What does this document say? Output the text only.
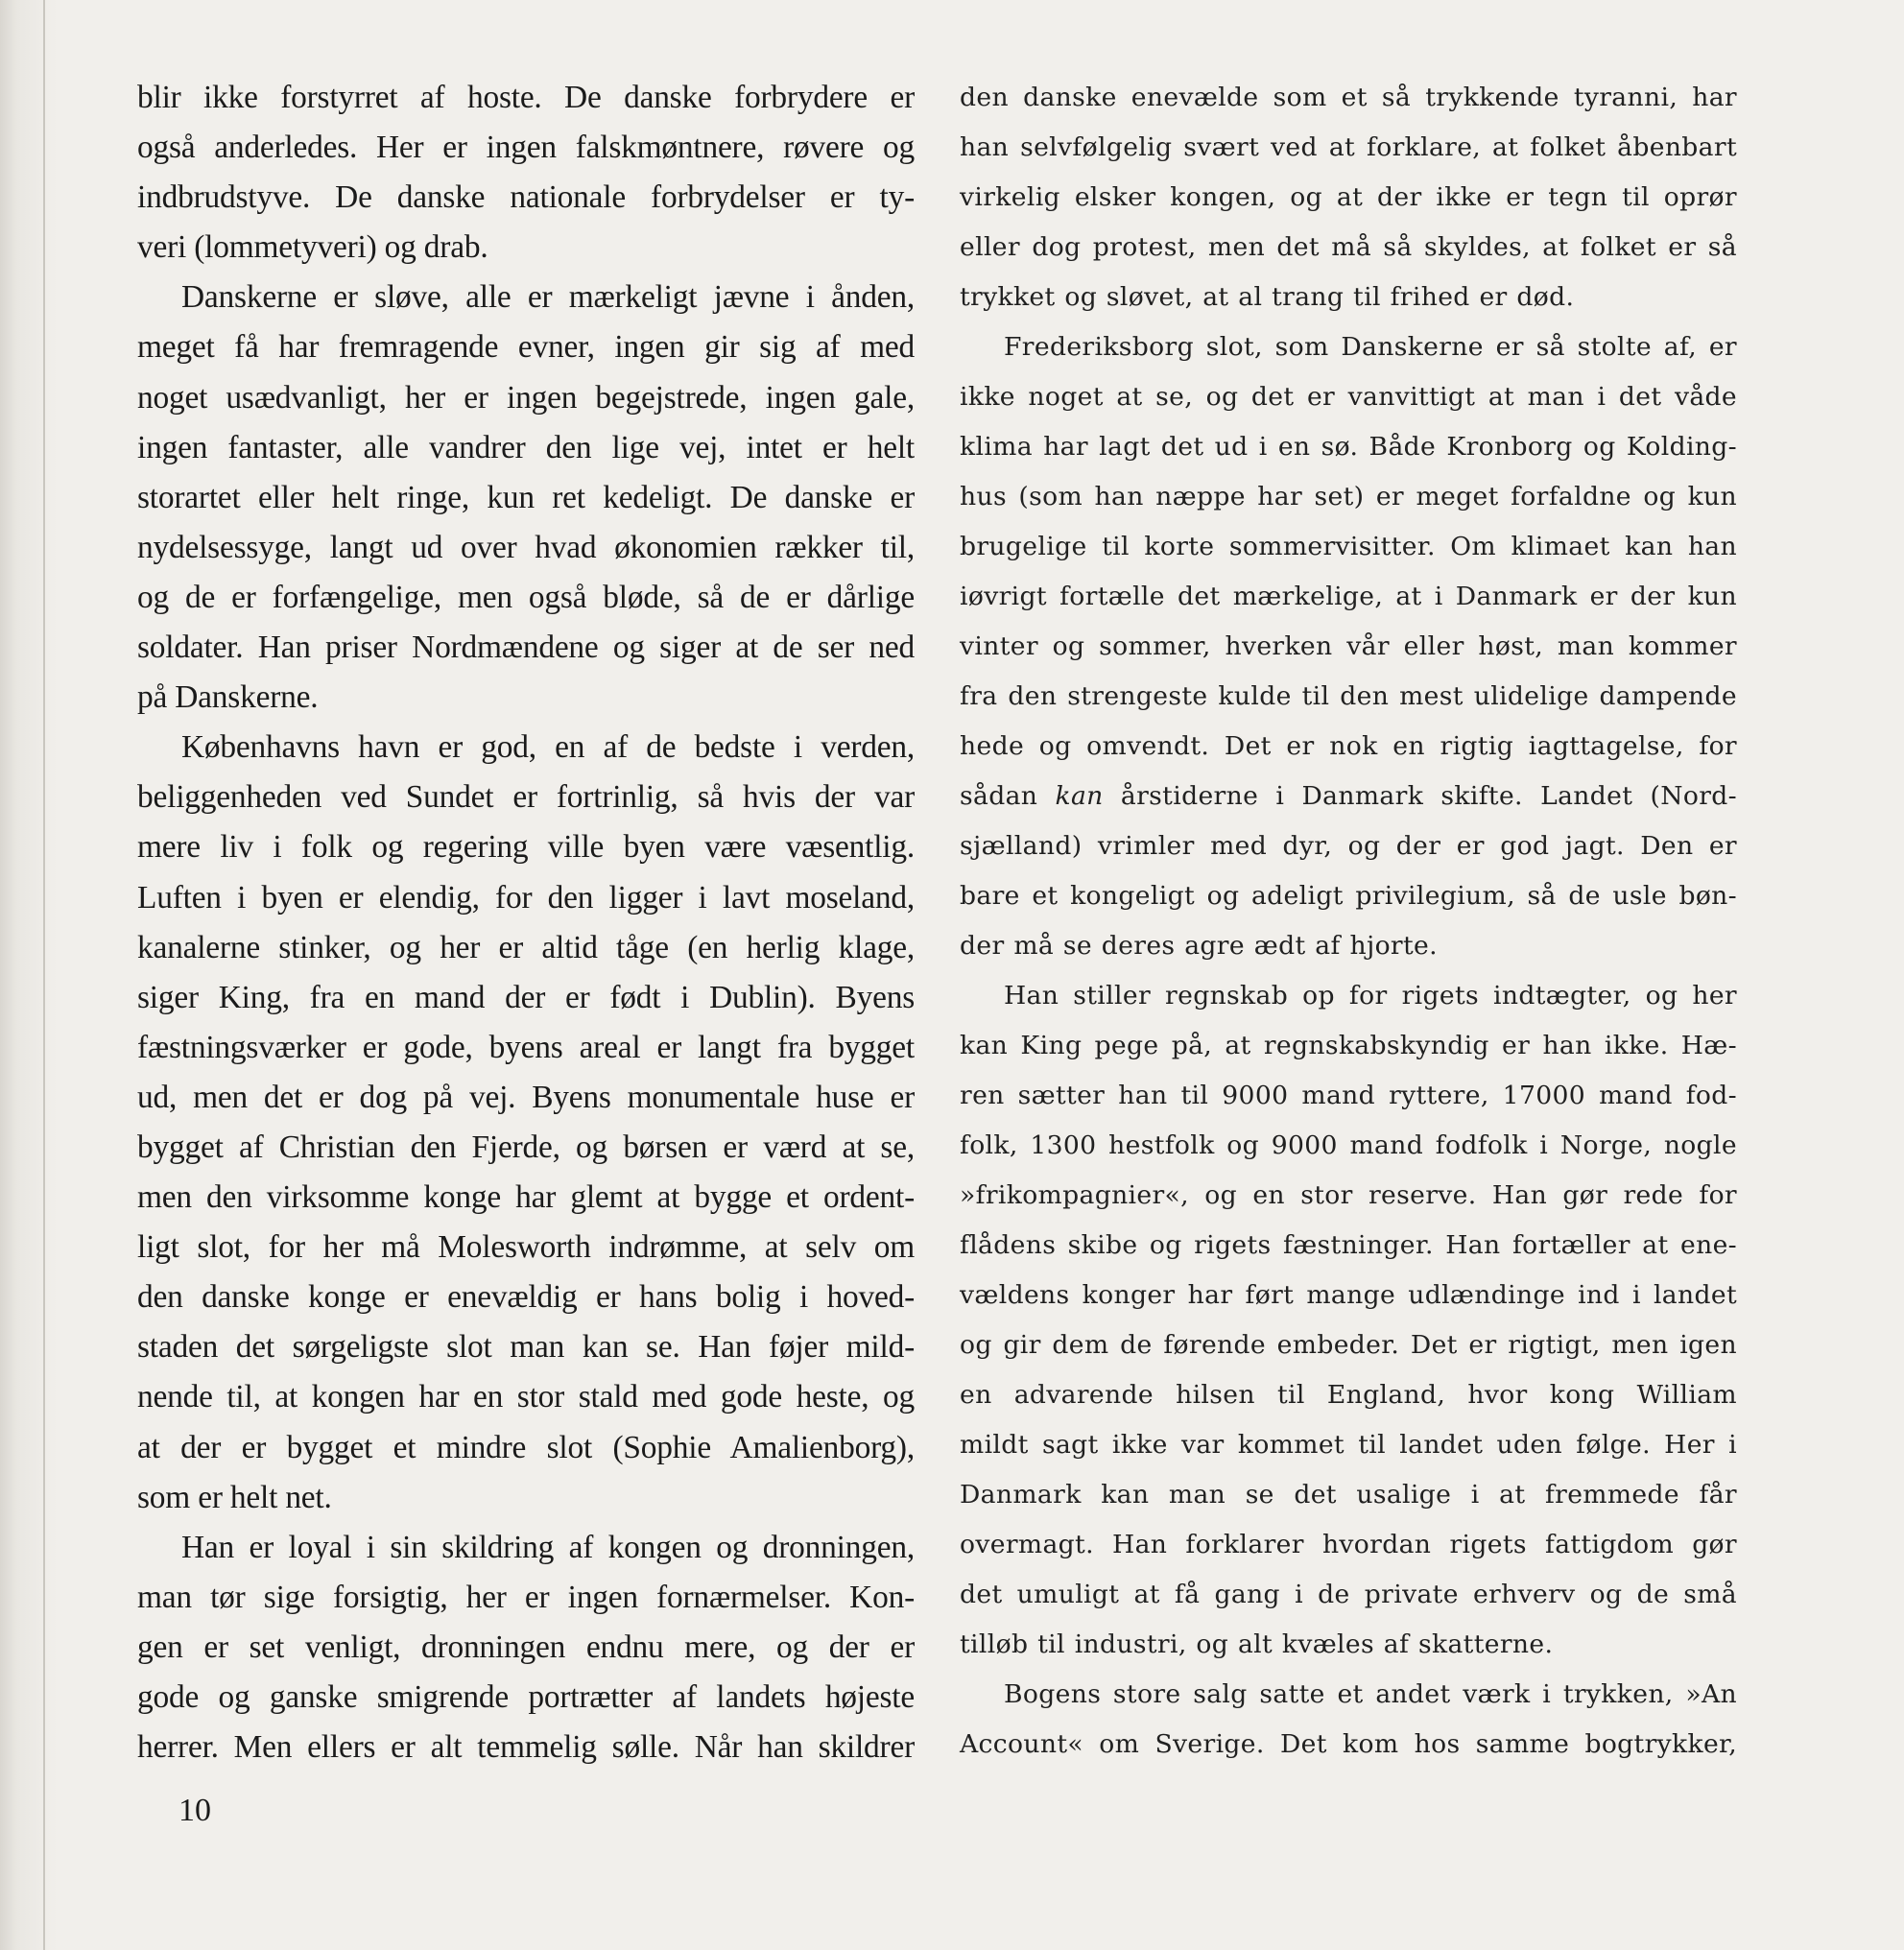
blir ikke forstyrret af hoste. De danske forbrydere er
også anderledes. Her er ingen falskmøntnere, røvere og
indbrudstyve. De danske nationale forbrydelser er ty-
veri (lommetyveri) og drab.
Danskerne er sløve, alle er mærkeligt jævne i ånden,
meget få har fremragende evner, ingen gir sig af med
noget usædvanligt, her er ingen begejstrede, ingen gale,
ingen fantaster, alle vandrer den lige vej, intet er helt
storartet eller helt ringe, kun ret kedeligt. De danske er
nydelsessyge, langt ud over hvad økonomien rækker til,
og de er forfængelige, men også bløde, så de er dårlige
soldater. Han priser Nordmændene og siger at de ser ned
på Danskerne.
Københavns havn er god, en af de bedste i verden,
beliggenheden ved Sundet er fortrinlig, så hvis der var
mere liv i folk og regering ville byen være væsentlig.
Luften i byen er elendig, for den ligger i lavt moseland,
kanalerne stinker, og her er altid tåge (en herlig klage,
siger King, fra en mand der er født i Dublin). Byens
fæstningsværker er gode, byens areal er langt fra bygget
ud, men det er dog på vej. Byens monumentale huse er
bygget af Christian den Fjerde, og børsen er værd at se,
men den virksomme konge har glemt at bygge et ordent-
ligt slot, for her må Molesworth indrømme, at selv om
den danske konge er enevældig er hans bolig i hoved-
staden det sørgeligste slot man kan se. Han føjer mild-
nende til, at kongen har en stor stald med gode heste, og
at der er bygget et mindre slot (Sophie Amalienborg),
som er helt net.
Han er loyal i sin skildring af kongen og dronningen,
man tør sige forsigtig, her er ingen fornærmelser. Kon-
gen er set venligt, dronningen endnu mere, og der er
gode og ganske smigrende portrætter af landets højeste
herrer. Men ellers er alt temmelig sølle. Når han skildrer
den danske enevælde som et så trykkende tyranni, har
han selvfølgelig svært ved at forklare, at folket åbenbart
virkelig elsker kongen, og at der ikke er tegn til oprør
eller dog protest, men det må så skyldes, at folket er så
trykket og sløvet, at al trang til frihed er død.
Frederiksborg slot, som Danskerne er så stolte af, er
ikke noget at se, og det er vanvittigt at man i det våde
klima har lagt det ud i en sø. Både Kronborg og Kolding-
hus (som han næppe har set) er meget forfaldne og kun
brugelige til korte sommervisitter. Om klimaet kan han
iøvrigt fortælle det mærkelige, at i Danmark er der kun
vinter og sommer, hverken vår eller høst, man kommer
fra den strengeste kulde til den mest ulidelige dampende
hede og omvendt. Det er nok en rigtig iagttagelse, for
sådan kan årstiderne i Danmark skifte. Landet (Nord-
sjælland) vrimler med dyr, og der er god jagt. Den er
bare et kongeligt og adeligt privilegium, så de usle bøn-
der må se deres agre ædt af hjorte.
Han stiller regnskab op for rigets indtægter, og her
kan King pege på, at regnskabskyndig er han ikke. Hæ-
ren sætter han til 9000 mand ryttere, 17000 mand fod-
folk, 1300 hestfolk og 9000 mand fodfolk i Norge, nogle
»frikompagnier«, og en stor reserve. Han gør rede for
flådens skibe og rigets fæstninger. Han fortæller at ene-
vældens konger har ført mange udlændinge ind i landet
og gir dem de førende embeder. Det er rigtigt, men igen
en advarende hilsen til England, hvor kong William
mildt sagt ikke var kommet til landet uden følge. Her i
Danmark kan man se det usalige i at fremmede får
overmagt. Han forklarer hvordan rigets fattigdom gør
det umuligt at få gang i de private erhverv og de små
tilløb til industri, og alt kvæles af skatterne.
Bogens store salg satte et andet værk i trykken, »An
Account« om Sverige. Det kom hos samme bogtrykker,
10
